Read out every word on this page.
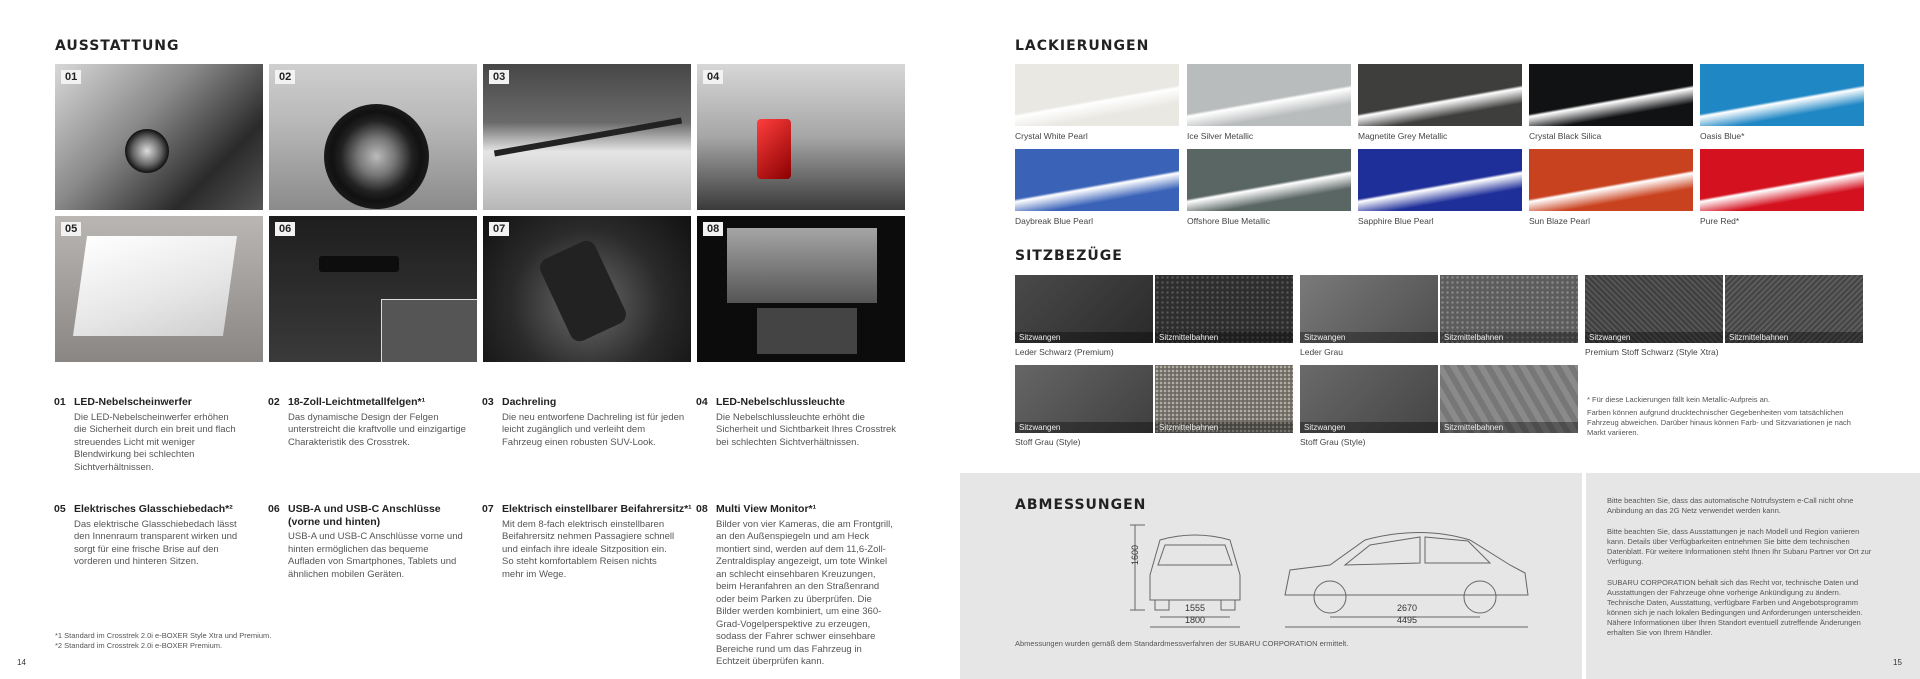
AUSSTATTUNG
01	02	03	04
05	06	07	08
01 LED-Nebelscheinwerfer
Die LED-Nebelscheinwerfer erhöhen die Sicherheit durch ein breit und flach streuendes Licht mit weniger Blendwirkung bei schlechten Sichtverhältnissen.
02 18-Zoll-Leichtmetallfelgen*¹
Das dynamische Design der Felgen unterstreicht die kraftvolle und einzigartige Charakteristik des Crosstrek.
03 Dachreling
Die neu entworfene Dachreling ist für jeden leicht zugänglich und verleiht dem Fahrzeug einen robusten SUV-Look.
04 LED-Nebelschlussleuchte
Die Nebelschlussleuchte erhöht die Sicherheit und Sichtbarkeit Ihres Crosstrek bei schlechten Sichtverhältnissen.
05 Elektrisches Glasschiebedach*²
Das elektrische Glasschiebedach lässt den Innenraum transparent wirken und sorgt für eine frische Brise auf den vorderen und hinteren Sitzen.
06 USB-A und USB-C Anschlüsse (vorne und hinten)
USB-A und USB-C Anschlüsse vorne und hinten ermöglichen das bequeme Aufladen von Smartphones, Tablets und ähnlichen mobilen Geräten.
07 Elektrisch einstellbarer Beifahrersitz*¹
Mit dem 8-fach elektrisch einstellbaren Beifahrersitz nehmen Passagiere schnell und einfach ihre ideale Sitzposition ein. So steht komfortablem Reisen nichts mehr im Wege.
08 Multi View Monitor*¹
Bilder von vier Kameras, die am Frontgrill, an den Außenspiegeln und am Heck montiert sind, werden auf dem 11,6-Zoll-Zentraldisplay angezeigt, um tote Winkel an schlecht einsehbaren Kreuzungen, beim Heranfahren an den Straßenrand oder beim Parken zu überprüfen. Die Bilder werden kombiniert, um eine 360-Grad-Vogelperspektive zu erzeugen, sodass der Fahrer schwer einsehbare Bereiche rund um das Fahrzeug in Echtzeit überprüfen kann.
*1 Standard im Crosstrek 2.0i e-BOXER Style Xtra und Premium.
*2 Standard im Crosstrek 2.0i e-BOXER Premium.
14
LACKIERUNGEN
Crystal White Pearl	Ice Silver Metallic	Magnetite Grey Metallic	Crystal Black Silica	Oasis Blue*
Daybreak Blue Pearl	Offshore Blue Metallic	Sapphire Blue Pearl	Sun Blaze Pearl	Pure Red*
SITZBEZÜGE
Sitzwangen	Sitzmittelbahnen
Leder Schwarz (Premium)
Sitzwangen	Sitzmittelbahnen
Leder Grau
Sitzwangen	Sitzmittelbahnen
Premium Stoff Schwarz (Style Xtra)
Sitzwangen	Sitzmittelbahnen
Stoff Grau (Style)
Sitzwangen	Sitzmittelbahnen
Stoff Grau (Style)
* Für diese Lackierungen fällt kein Metallic-Aufpreis an.
Farben können aufgrund drucktechnischer Gegebenheiten vom tatsächlichen Fahrzeug abweichen. Darüber hinaus können Farb- und Sitzvariationen je nach Markt variieren.
ABMESSUNGEN
1600
1555
1800
2670
4495
Abmessungen wurden gemäß dem Standardmessverfahren der SUBARU CORPORATION ermittelt.
Bitte beachten Sie, dass das automatische Notrufsystem e-Call nicht ohne Anbindung an das 2G Netz verwendet werden kann.
Bitte beachten Sie, dass Ausstattungen je nach Modell und Region variieren kann. Details über Verfügbarkeiten entnehmen Sie bitte dem technischen Datenblatt. Für weitere Informationen steht Ihnen Ihr Subaru Partner vor Ort zur Verfügung.
SUBARU CORPORATION behält sich das Recht vor, technische Daten und Ausstattungen der Fahrzeuge ohne vorherige Ankündigung zu ändern. Technische Daten, Ausstattung, verfügbare Farben und Angebotsprogramm können sich je nach lokalen Bedingungen und Anforderungen unterscheiden. Nähere Informationen über Ihren Standort eventuell zutreffende Änderungen erhalten Sie von Ihrem Händler.
15
